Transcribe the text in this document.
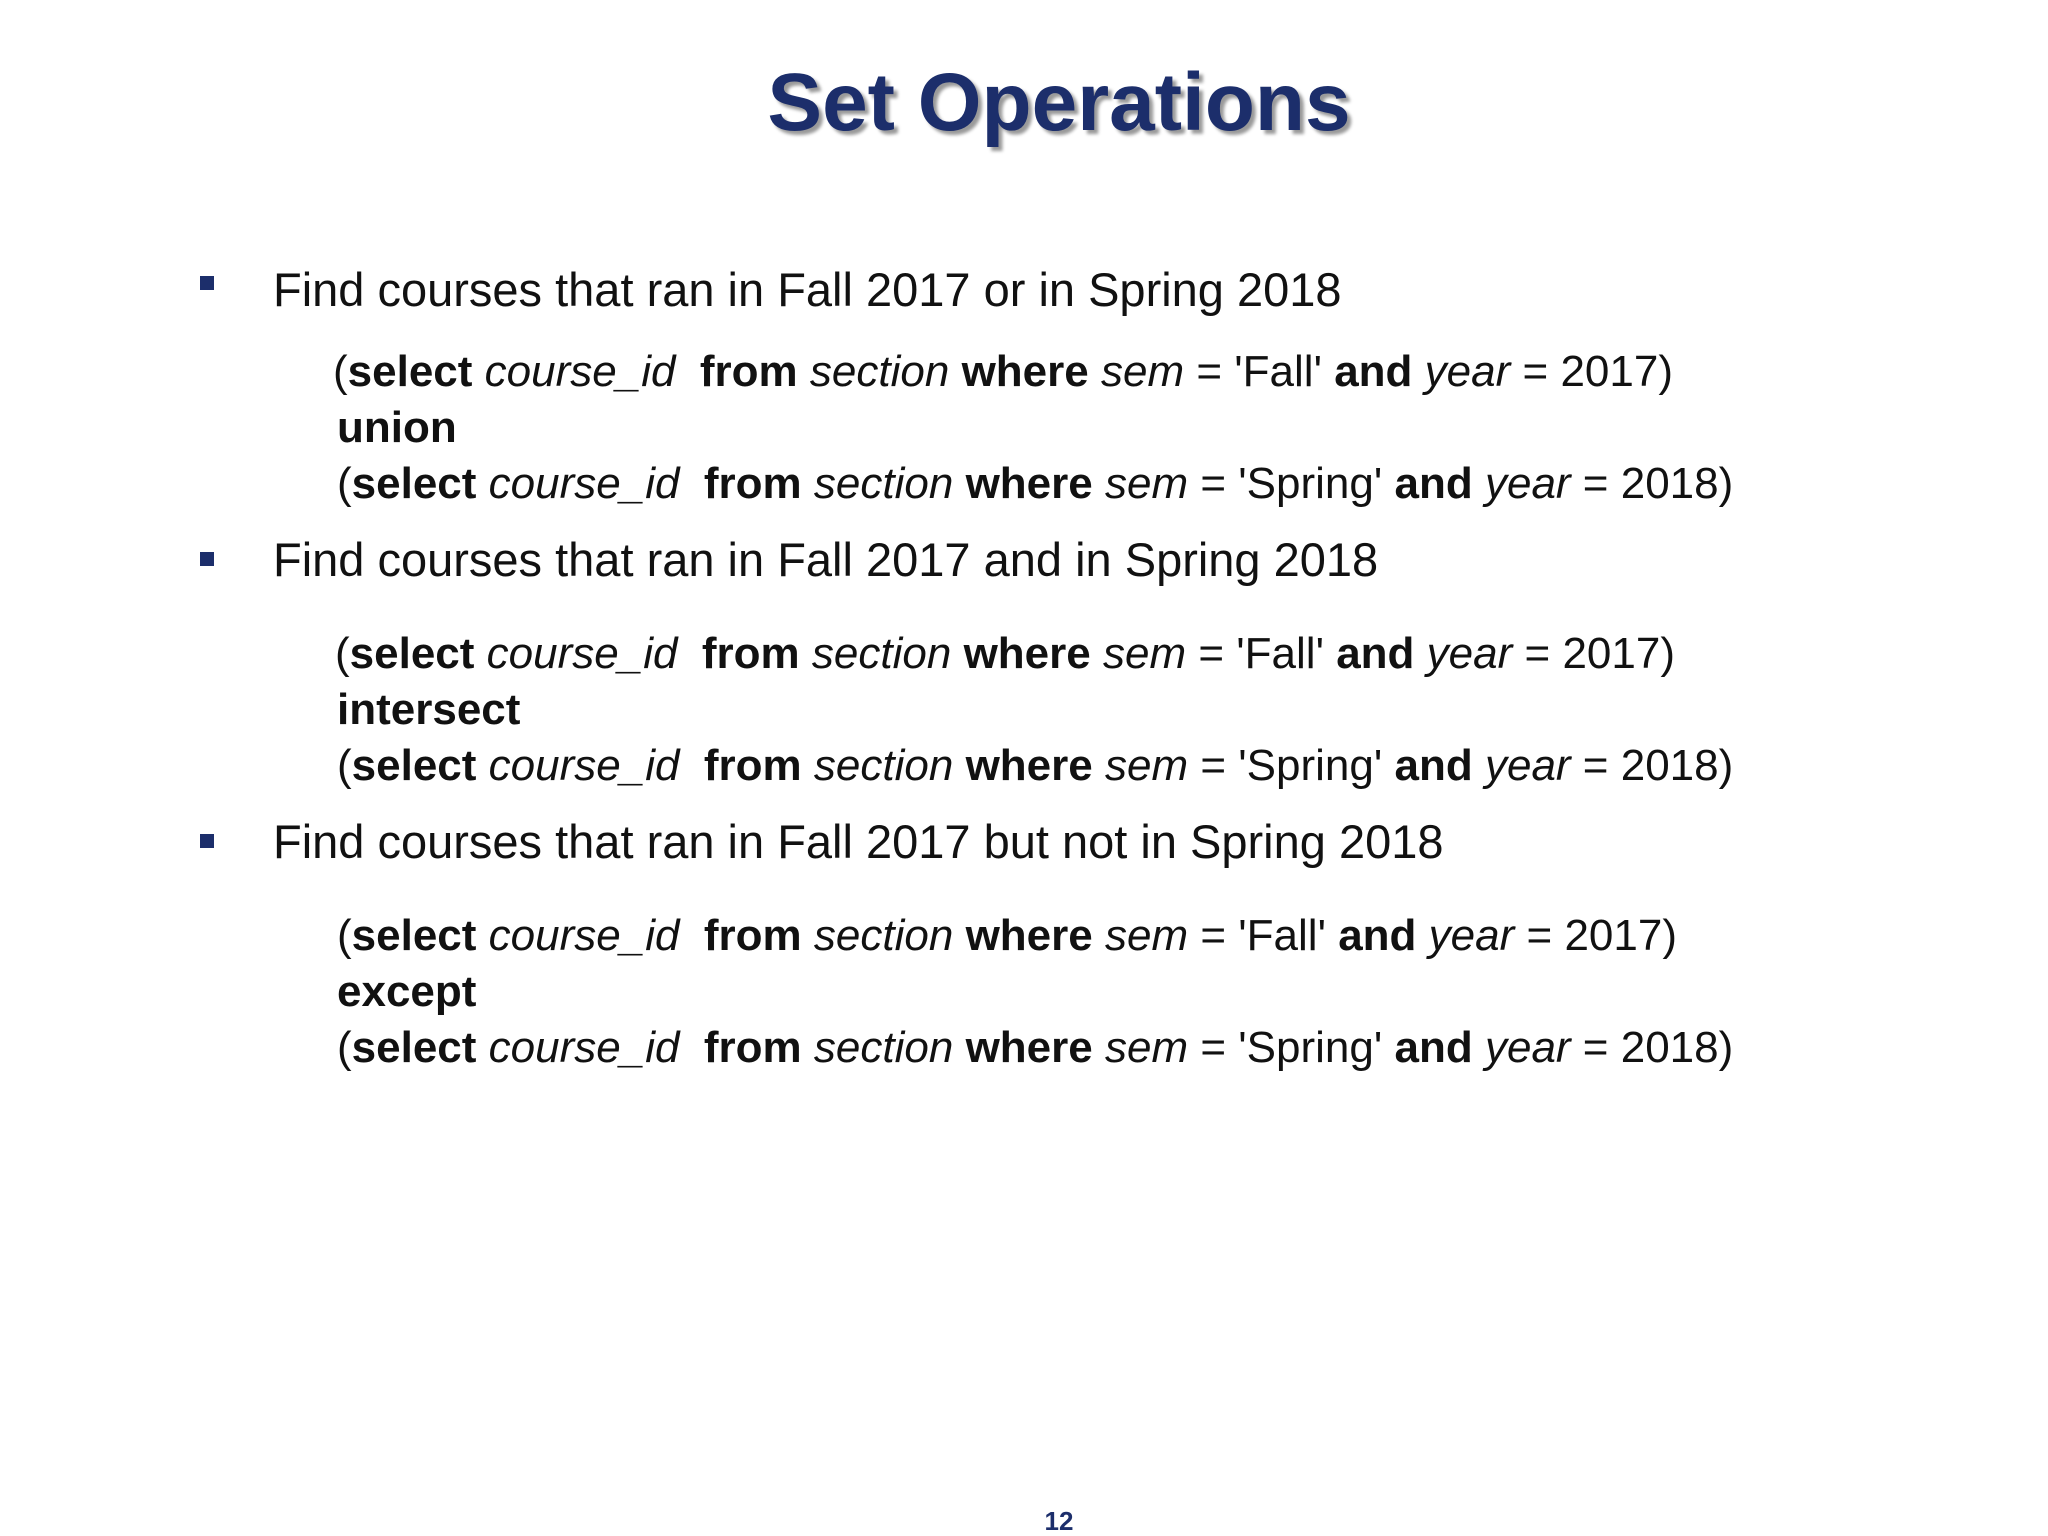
Set Operations
Find courses that ran in Fall 2017 or in Spring 2018
(select course_id from section where sem = 'Fall' and year = 2017)
union
(select course_id from section where sem = 'Spring' and year = 2018)
Find courses that ran in Fall 2017 and in Spring 2018
(select course_id from section where sem = 'Fall' and year = 2017)
intersect
(select course_id from section where sem = 'Spring' and year = 2018)
Find courses that ran in Fall 2017 but not in Spring 2018
(select course_id from section where sem = 'Fall' and year = 2017)
except
(select course_id from section where sem = 'Spring' and year = 2018)
12
